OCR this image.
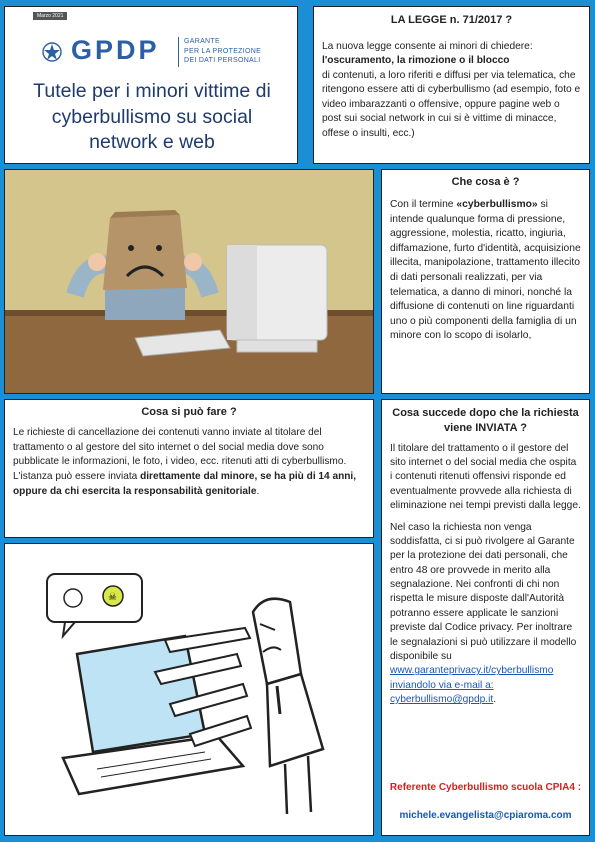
Marzo 2021
GPDP	GARANTE
PER LA PROTEZIONE
DEI DATI PERSONALI
Tutele per i minori vittime di cyberbullismo su social network e web
LA LEGGE n. 71/2017 ?
La nuova legge consente ai minori di chiedere:
l'oscuramento, la rimozione o il blocco
di contenuti, a loro riferiti e diffusi per via telematica, che ritengono essere atti di cyberbullismo (ad esempio, foto e video imbarazzanti o offensive, oppure pagine web o post sui social network in cui si è vittime di minacce, offese o insulti, ecc.)
Che cosa è ?
Con il termine «cyberbullismo» si intende qualunque forma di pressione, aggressione, molestia, ricatto, ingiuria, diffamazione, furto d'identità, acquisizione illecita, manipolazione, trattamento illecito di dati personali realizzati, per via telematica, a danno di minori, nonché la diffusione di contenuti on line riguardanti uno o più componenti della famiglia di un minore con lo scopo di isolarlo,
Cosa si può fare ?
Le richieste di cancellazione dei contenuti vanno inviate al titolare del trattamento o al gestore del sito internet o del social media dove sono pubblicate le informazioni, le foto, i video, ecc. ritenuti atti di cyberbullismo. L'istanza può essere inviata direttamente dal minore, se ha più di 14 anni, oppure da chi esercita la responsabilità genitoriale.
☠
Cosa succede dopo che la richiesta viene INVIATA ?

Il titolare del trattamento o il gestore del sito internet o del social media che ospita i contenuti ritenuti offensivi risponde ed eventualmente provvede alla richiesta di eliminazione nei tempi previsti dalla legge.

Nel caso la richiesta non venga soddisfatta, ci si può rivolgere al Garante per la protezione dei dati personali, che entro 48 ore provvede in merito alla segnalazione. Nei confronti di chi non rispetta le misure disposte dall'Autorità potranno essere applicate le sanzioni previste dal Codice privacy. Per inoltrare le segnalazioni si può utilizzare il modello disponibile su
www.garanteprivacy.it/cyberbullismo
inviandolo via e-mail a:
cyberbullismo@gpdp.it.

Referente Cyberbullismo scuola CPIA4 :
michele.evangelista@cpiaroma.com
